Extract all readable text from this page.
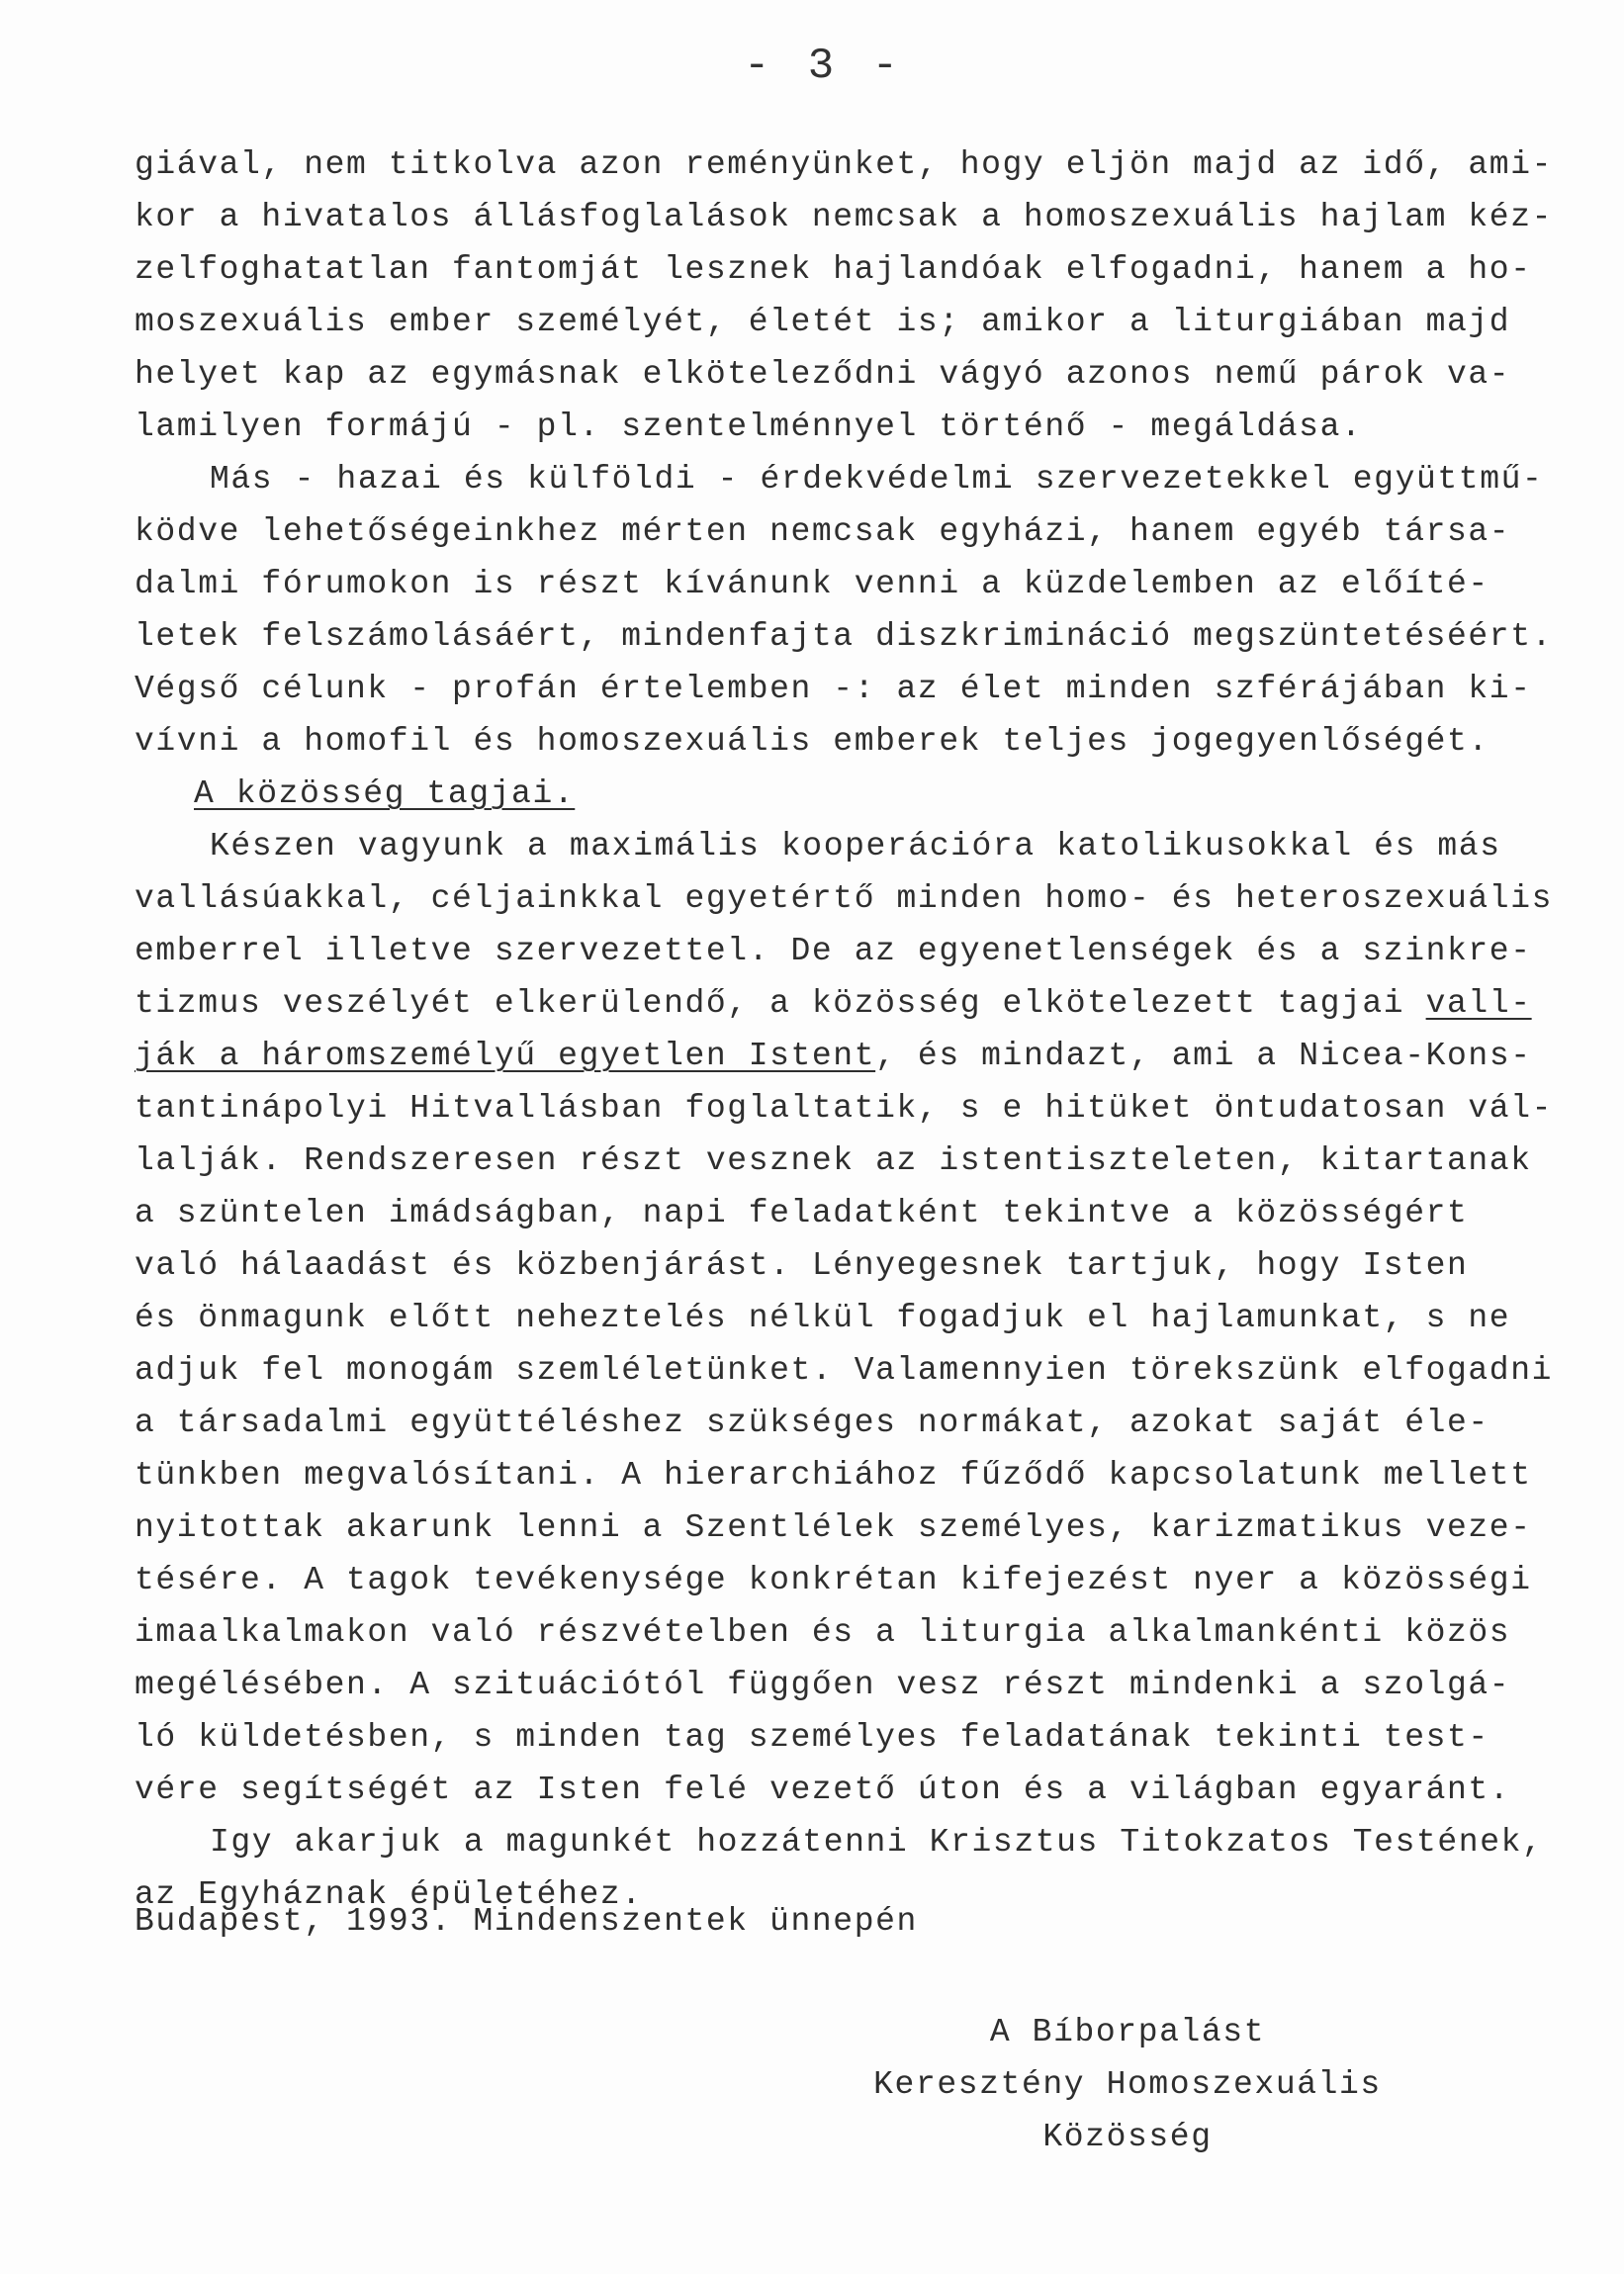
- 3 -
giával, nem titkolva azon reményünket, hogy eljön majd az idő, ami-
kor a hivatalos állásfoglalások nemcsak a homoszexuális hajlam kéz-
zelfoghatatlan fantomját lesznek hajlandóak elfogadni, hanem a ho-
moszexuális ember személyét, életét is; amikor a liturgiában majd
helyet kap az egymásnak elköteleződni vágyó azonos nemű párok va-
lamilyen formájú - pl. szentelménnyel történő - megáldása.
Más - hazai és külföldi - érdekvédelmi szervezetekkel együttmű-
ködve lehetőségeinkhez mérten nemcsak egyházi, hanem egyéb társa-
dalmi fórumokon is részt kívánunk venni a küzdelemben az előíté-
letek felszámolásáért, mindenfajta diszkrimináció megszüntetéséért.
Végső célunk - profán értelemben -: az élet minden szférájában ki-
vívni a homofil és homoszexuális emberek teljes jogegyenlőségét.
A közösség tagjai.
Készen vagyunk a maximális kooperációra katolikusokkal és más
vallásúakkal, céljainkkal egyetértő minden homo- és heteroszexuális
emberrel illetve szervezettel. De az egyenetlenségek és a szinkre-
tizmus veszélyét elkerülendő, a közösség elkötelezett tagjai vall-
ják a háromszemélyű egyetlen Istent, és mindazt, ami a Nicea-Kons-
tantinápolyi Hitvallásban foglaltatik, s e hitüket öntudatosan vál-
lalják. Rendszeresen részt vesznek az istentiszteleten, kitartanak
a szüntelen imádságban, napi feladatként tekintve a közösségért
való hálaadást és közbenjárást. Lényegesnek tartjuk, hogy Isten
és önmagunk előtt neheztelés nélkül fogadjuk el hajlamunkat, s ne
adjuk fel monogám szemléletünket. Valamennyien törekszünk elfogadni
a társadalmi együttéléshez szükséges normákat, azokat saját éle-
tünkben megvalósítani. A hierarchiához fűződő kapcsolatunk mellett
nyitottak akarunk lenni a Szentlélek személyes, karizmatikus veze-
tésére. A tagok tevékenysége konkrétan kifejezést nyer a közösségi
imaalkalmakon való részvételben és a liturgia alkalmankénti közös
megélésében. A szituációtól függően vesz részt mindenki a szolgá-
ló küldetésben, s minden tag személyes feladatának tekinti test-
vére segítségét az Isten felé vezető úton és a világban egyaránt.
Igy akarjuk a magunkét hozzátenni Krisztus Titokzatos Testének,
az Egyháznak épületéhez.
Budapest, 1993. Mindenszentek ünnepén
A Bíborpalást
Keresztény Homoszexuális
Közösség
